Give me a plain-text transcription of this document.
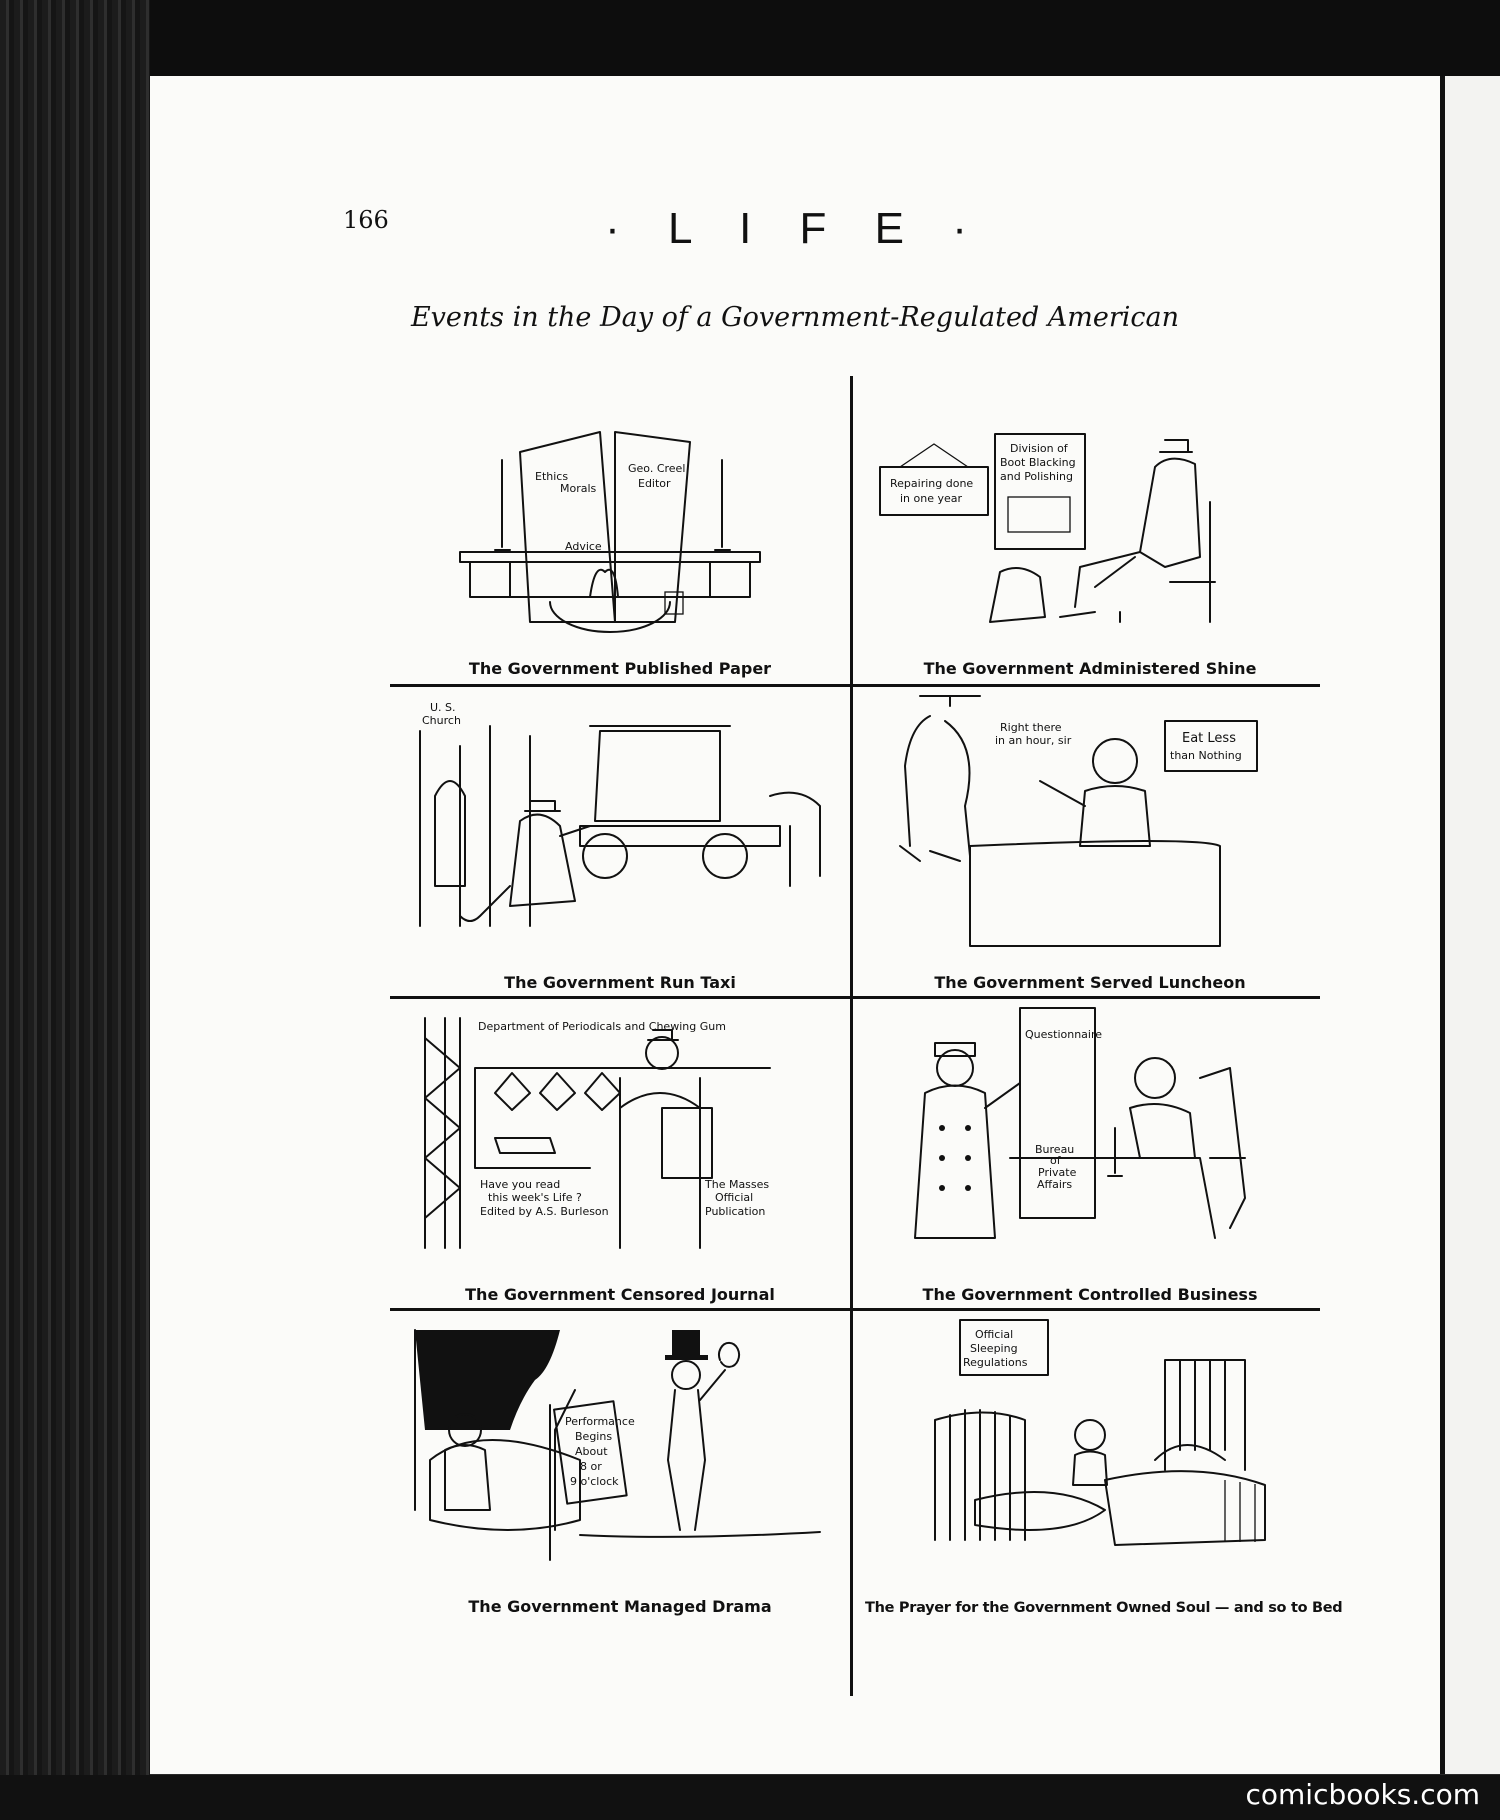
166	· L I F E ·

Events in the Day of a Government-Regulated American

Ethics
Morals
Advice
Geo. Creel
Editor
The Government Published Paper
Repairing done
in one year
Division of
Boot Blacking
and Polishing
The Government Administered Shine
U. S.
Church
The Government Run Taxi
Right there
in an hour, sir	Eat Less
than Nothing
The Government Served Luncheon
Department of Periodicals and Chewing Gum
Have you read
this week's Life ?
Edited by A.S. Burleson
The Masses
Official
Publication
The Government Censored Journal
Questionnaire
Bureau
of
Private
Affairs
The Government Controlled Business
Performance
Begins
About
8 or
9 o'clock
The Government Managed Drama
Official
Sleeping
Regulations
The Prayer for the Government Owned Soul — and so to Bed

comicbooks.com
